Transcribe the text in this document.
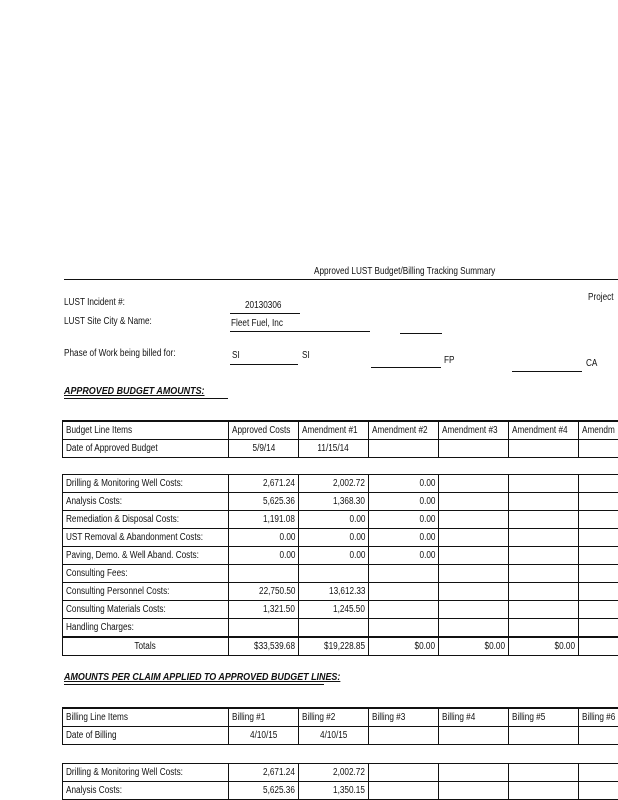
Approved LUST Budget/Billing Tracking Summary
Project
LUST Incident #:	20130306
LUST Site City & Name:	Fleet Fuel, Inc
Phase of Work being billed for:	SI	SI	FP	CA
APPROVED BUDGET AMOUNTS:
Budget Line Items	Approved Costs	Amendment #1	Amendment #2	Amendment #3	Amendment #4	Amendm
Date of Approved Budget	5/9/14	11/15/14				
Drilling & Monitoring Well Costs:	2,671.24	2,002.72	0.00			
Analysis Costs:	5,625.36	1,368.30	0.00			
Remediation & Disposal Costs:	1,191.08	0.00	0.00			
UST Removal & Abandonment Costs:	0.00	0.00	0.00			
Paving, Demo. & Well Aband. Costs:	0.00	0.00	0.00			
Consulting Fees:						
Consulting Personnel Costs:	22,750.50	13,612.33				
Consulting Materials Costs:	1,321.50	1,245.50				
Handling Charges:						
Totals	$33,539.68	$19,228.85	$0.00	$0.00	$0.00	
AMOUNTS PER CLAIM APPLIED TO APPROVED BUDGET LINES:
Billing Line Items	Billing #1	Billing #2	Billing #3	Billing #4	Billing #5	Billing #6
Date of Billing	4/10/15	4/10/15				
Drilling & Monitoring Well Costs:	2,671.24	2,002.72				
Analysis Costs:	5,625.36	1,350.15				
